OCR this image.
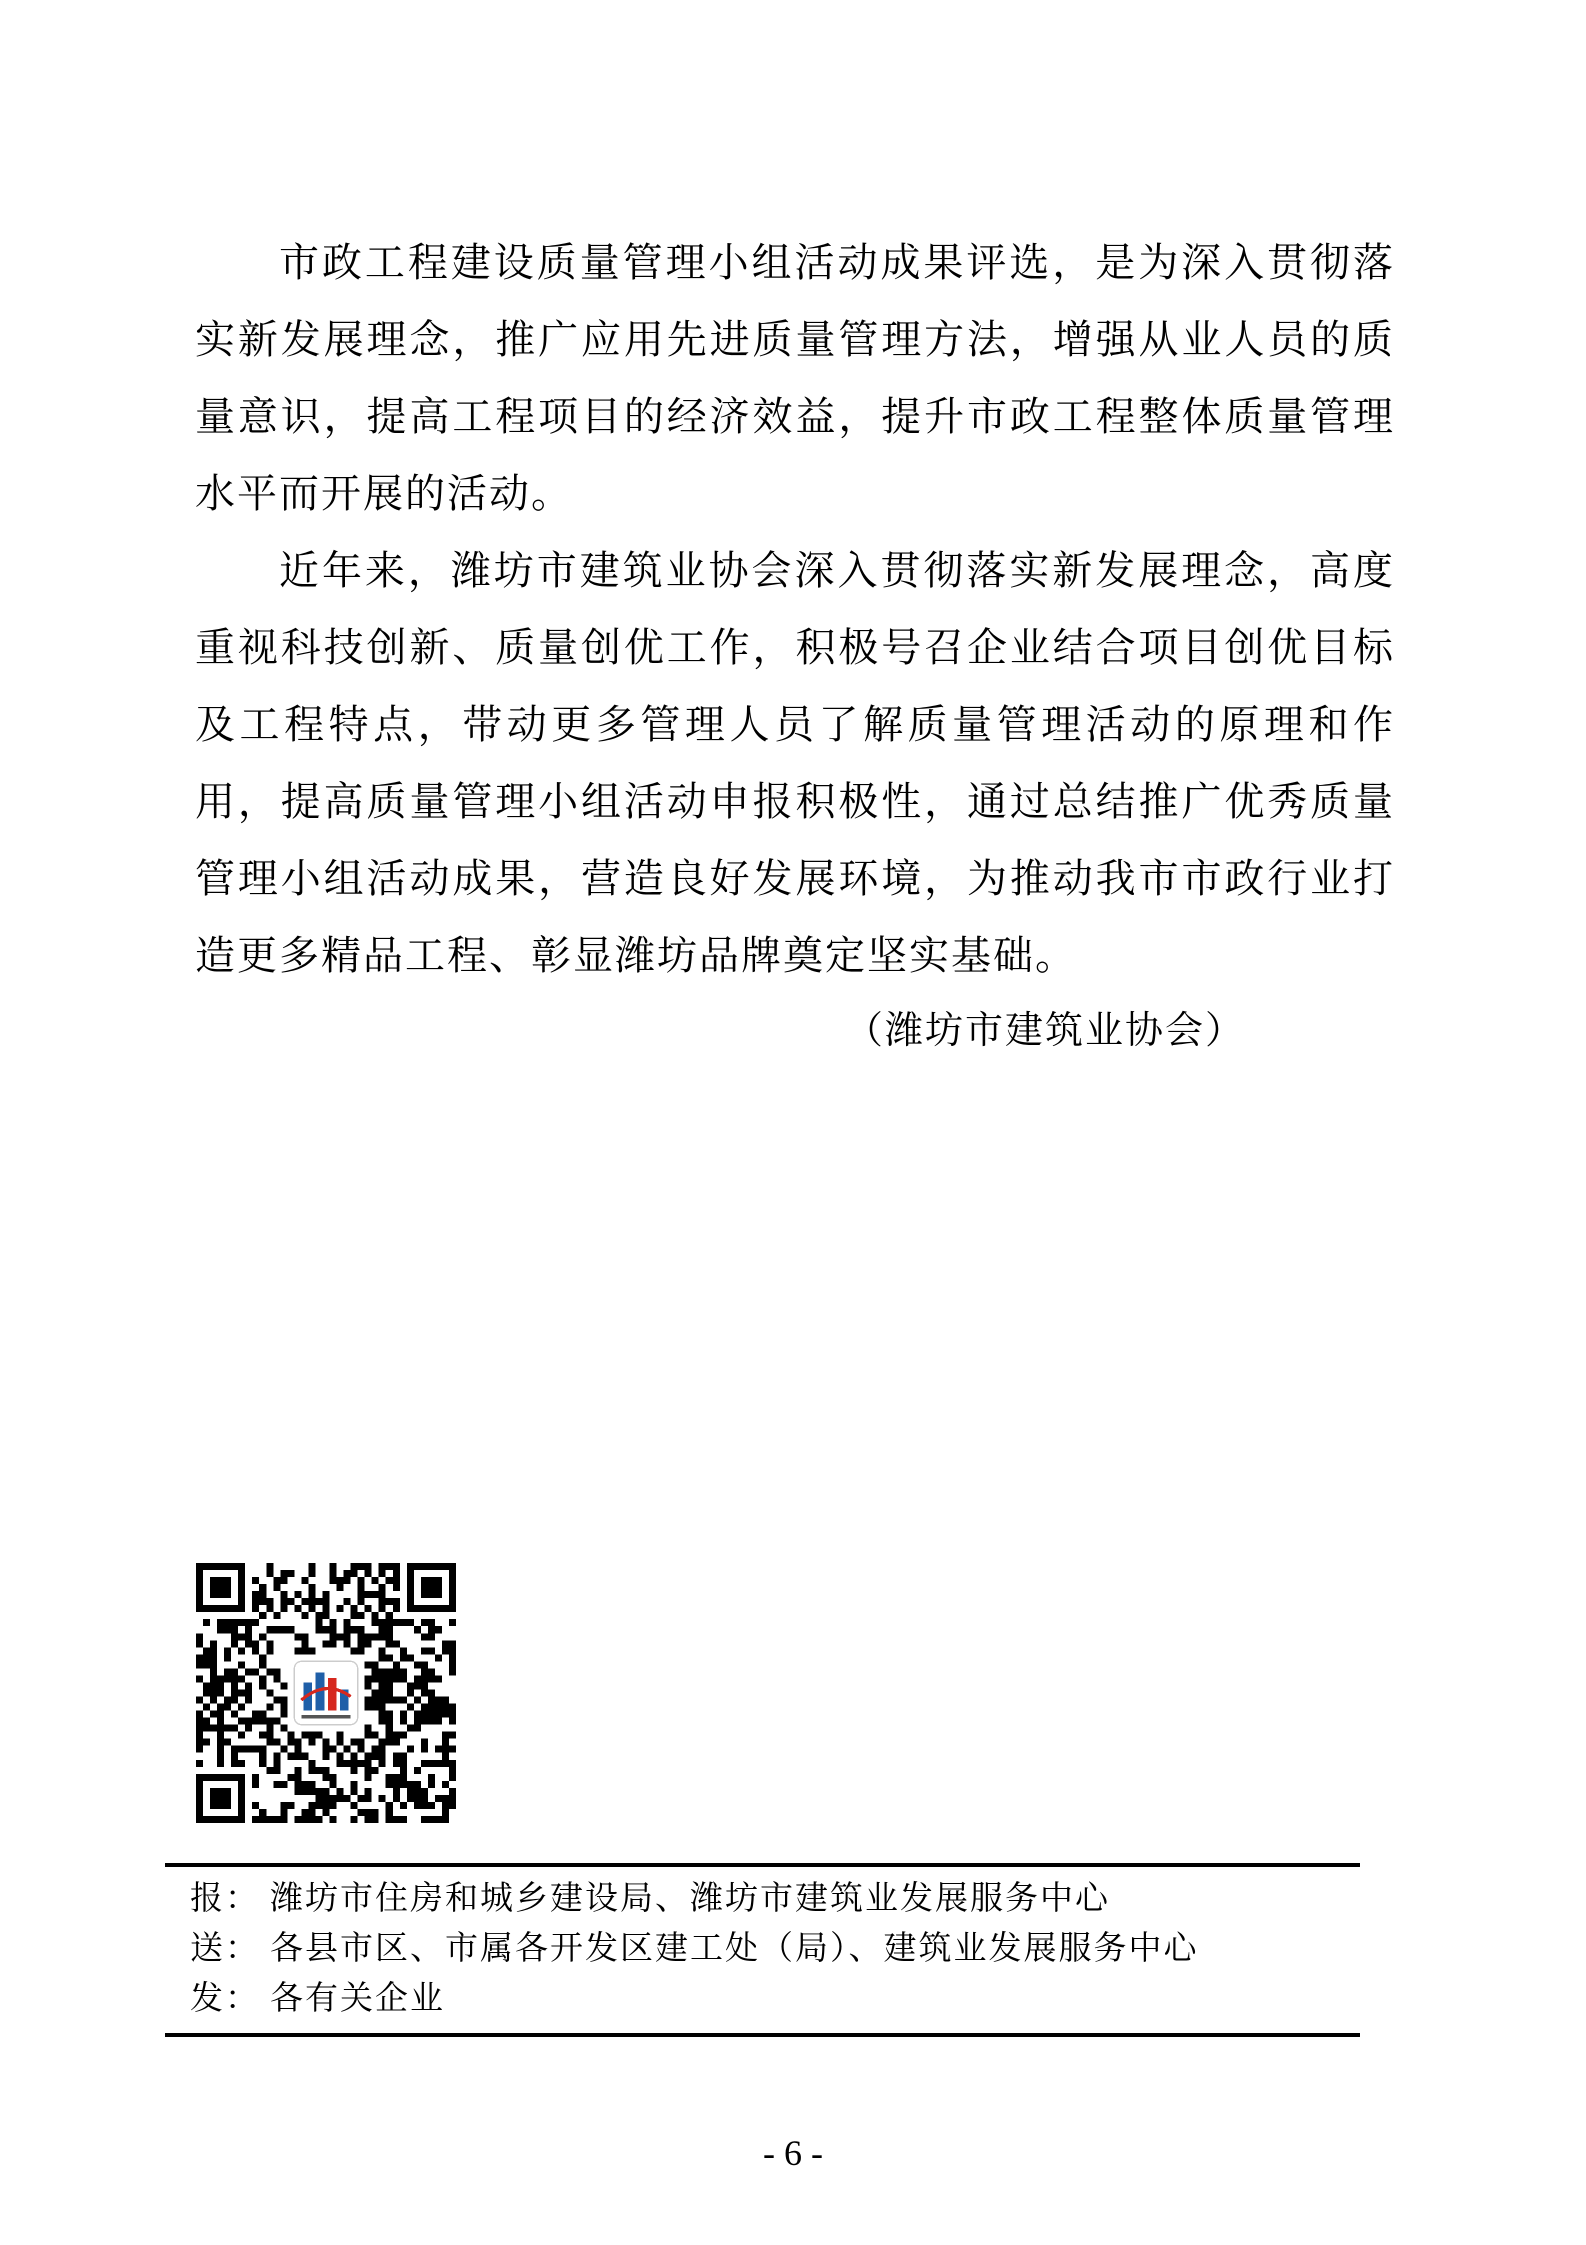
市政工程建设质量管理小组活动成果评选，是为深入贯彻落实新发展理念，推广应用先进质量管理方法，增强从业人员的质量意识，提高工程项目的经济效益，提升市政工程整体质量管理水平而开展的活动。

近年来，潍坊市建筑业协会深入贯彻落实新发展理念，高度重视科技创新、质量创优工作，积极号召企业结合项目创优目标及工程特点，带动更多管理人员了解质量管理活动的原理和作用，提高质量管理小组活动申报积极性，通过总结推广优秀质量管理小组活动成果，营造良好发展环境，为推动我市市政行业打造更多精品工程、彰显潍坊品牌奠定坚实基础。

（潍坊市建筑业协会）
报： 潍坊市住房和城乡建设局、潍坊市建筑业发展服务中心
送： 各县市区、市属各开发区建工处（局）、建筑业发展服务中心
发： 各有关企业
- 6 -
